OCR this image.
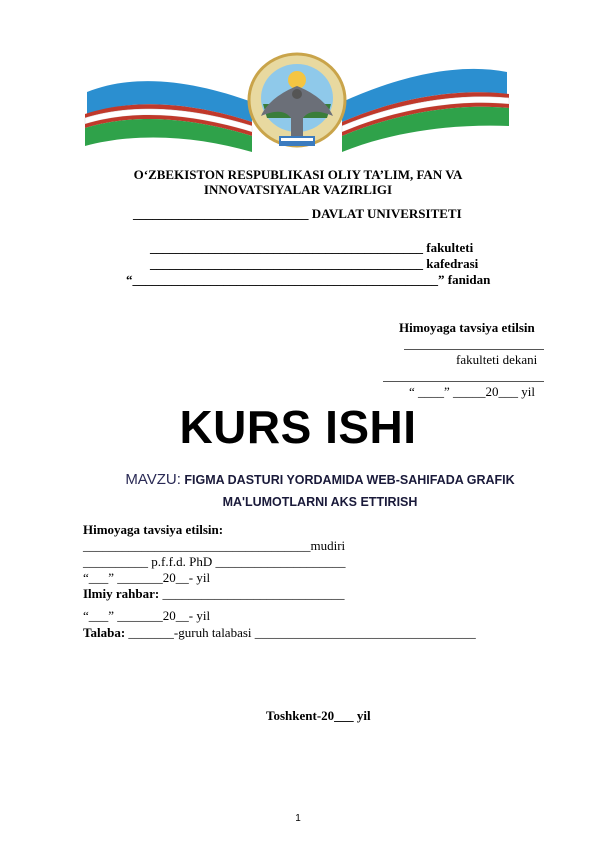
O‘ZBEKISTON RESPUBLIKASI OLIY TA’LIM, FAN VA
INNOVATSIYALAR VAZIRLIGI
___________________________ DAVLAT UNIVERSITETI
__________________________________________ fakulteti
__________________________________________ kafedrasi
“_______________________________________________” fanidan
Himoyaga tavsiya etilsin
fakulteti dekani
“ ____” _____20___ yil
KURS ISHI
MAVZU: FIGMA DASTURI YORDAMIDA WEB-SAHIFADA GRAFIK
MA'LUMOTLARNI AKS ETTIRISH
Himoyaga tavsiya etilsin:
___________________________________mudiri
__________ p.f.f.d. PhD ____________________
“___” _______20__- yil
Ilmiy rahbar: ____________________________
“___” _______20__- yil
Talaba: _______-guruh talabasi __________________________________
Toshkent-20___ yil
1
